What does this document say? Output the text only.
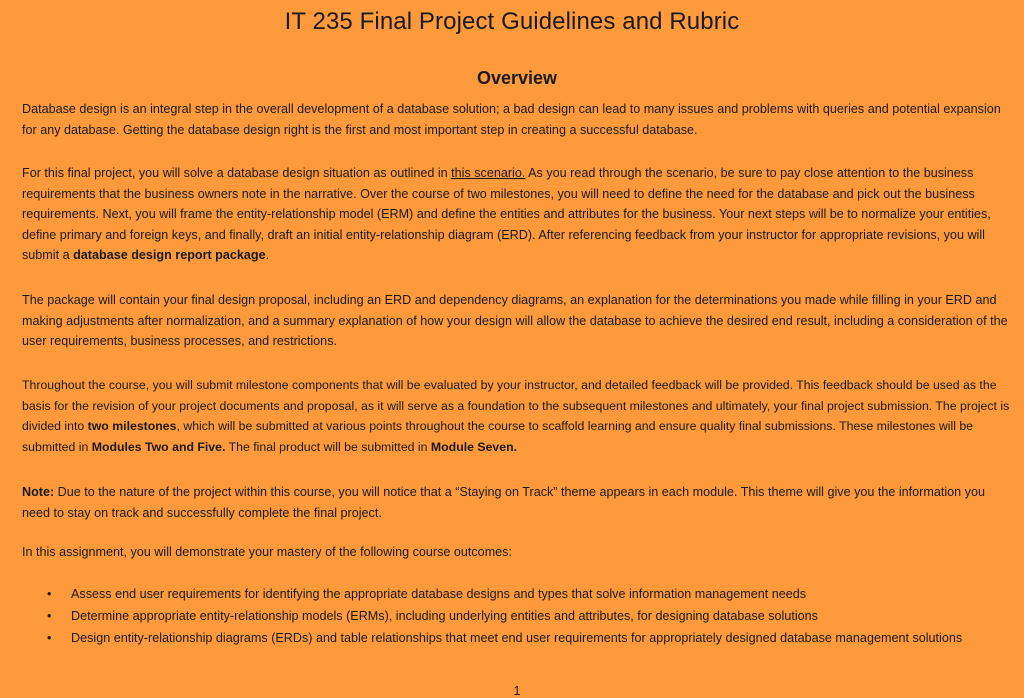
IT 235 Final Project Guidelines and Rubric
Overview

Database design is an integral step in the overall development of a database solution; a bad design can lead to many issues and problems with queries and potential expansion for any database. Getting the database design right is the first and most important step in creating a successful database.

For this final project, you will solve a database design situation as outlined in this scenario. As you read through the scenario, be sure to pay close attention to the business requirements that the business owners note in the narrative. Over the course of two milestones, you will need to define the need for the database and pick out the business requirements. Next, you will frame the entity-relationship model (ERM) and define the entities and attributes for the business. Your next steps will be to normalize your entities, define primary and foreign keys, and finally, draft an initial entity-relationship diagram (ERD). After referencing feedback from your instructor for appropriate revisions, you will submit a database design report package.

The package will contain your final design proposal, including an ERD and dependency diagrams, an explanation for the determinations you made while filling in your ERD and making adjustments after normalization, and a summary explanation of how your design will allow the database to achieve the desired end result, including a consideration of the user requirements, business processes, and restrictions.

Throughout the course, you will submit milestone components that will be evaluated by your instructor, and detailed feedback will be provided. This feedback should be used as the basis for the revision of your project documents and proposal, as it will serve as a foundation to the subsequent milestones and ultimately, your final project submission. The project is divided into two milestones, which will be submitted at various points throughout the course to scaffold learning and ensure quality final submissions. These milestones will be submitted in Modules Two and Five. The final product will be submitted in Module Seven.

Note: Due to the nature of the project within this course, you will notice that a “Staying on Track” theme appears in each module. This theme will give you the information you need to stay on track and successfully complete the final project.

In this assignment, you will demonstrate your mastery of the following course outcomes:

• Assess end user requirements for identifying the appropriate database designs and types that solve information management needs
• Determine appropriate entity-relationship models (ERMs), including underlying entities and attributes, for designing database solutions
• Design entity-relationship diagrams (ERDs) and table relationships that meet end user requirements for appropriately designed database management solutions
1
